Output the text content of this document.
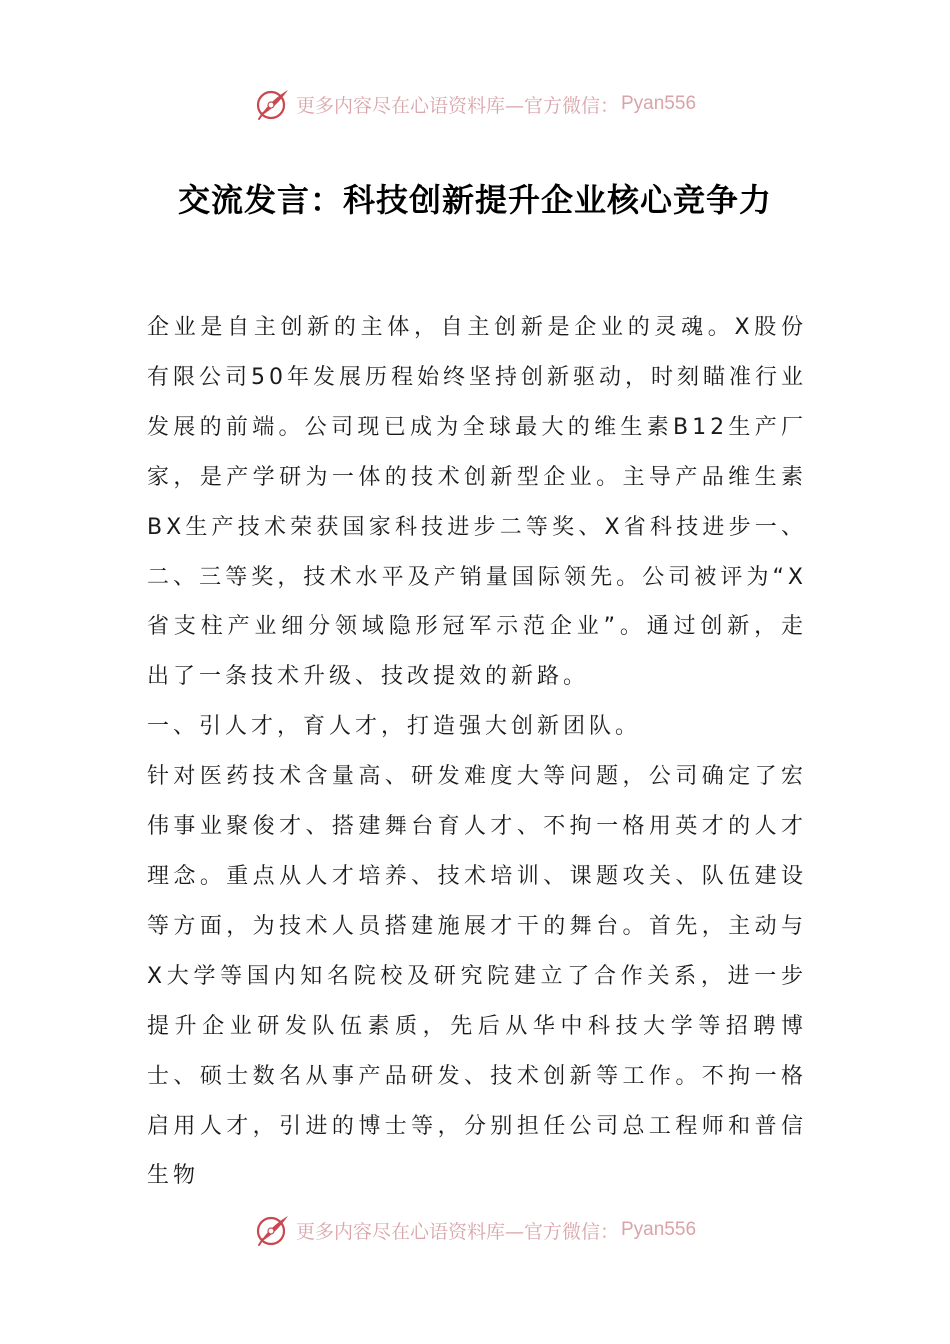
更多内容尽在心语资料库—官方微信： Pyan556
交流发言：科技创新提升企业核心竞争力

企业是自主创新的主体，自主创新是企业的灵魂。X股份有限公司50年发展历程始终坚持创新驱动，时刻瞄准行业发展的前端。公司现已成为全球最大的维生素B12生产厂家，是产学研为一体的技术创新型企业。主导产品维生素BX生产技术荣获国家科技进步二等奖、X省科技进步一、二、三等奖，技术水平及产销量国际领先。公司被评为“X省支柱产业细分领域隐形冠军示范企业”。通过创新，走出了一条技术升级、技改提效的新路。

一、引人才，育人才，打造强大创新团队。

针对医药技术含量高、研发难度大等问题，公司确定了宏伟事业聚俊才、搭建舞台育人才、不拘一格用英才的人才理念。重点从人才培养、技术培训、课题攻关、队伍建设等方面，为技术人员搭建施展才干的舞台。首先，主动与X大学等国内知名院校及研究院建立了合作关系，进一步提升企业研发队伍素质，先后从华中科技大学等招聘博士、硕士数名从事产品研发、技术创新等工作。不拘一格启用人才，引进的博士等，分别担任公司总工程师和普信生物

更多内容尽在心语资料库—官方微信： Pyan556
